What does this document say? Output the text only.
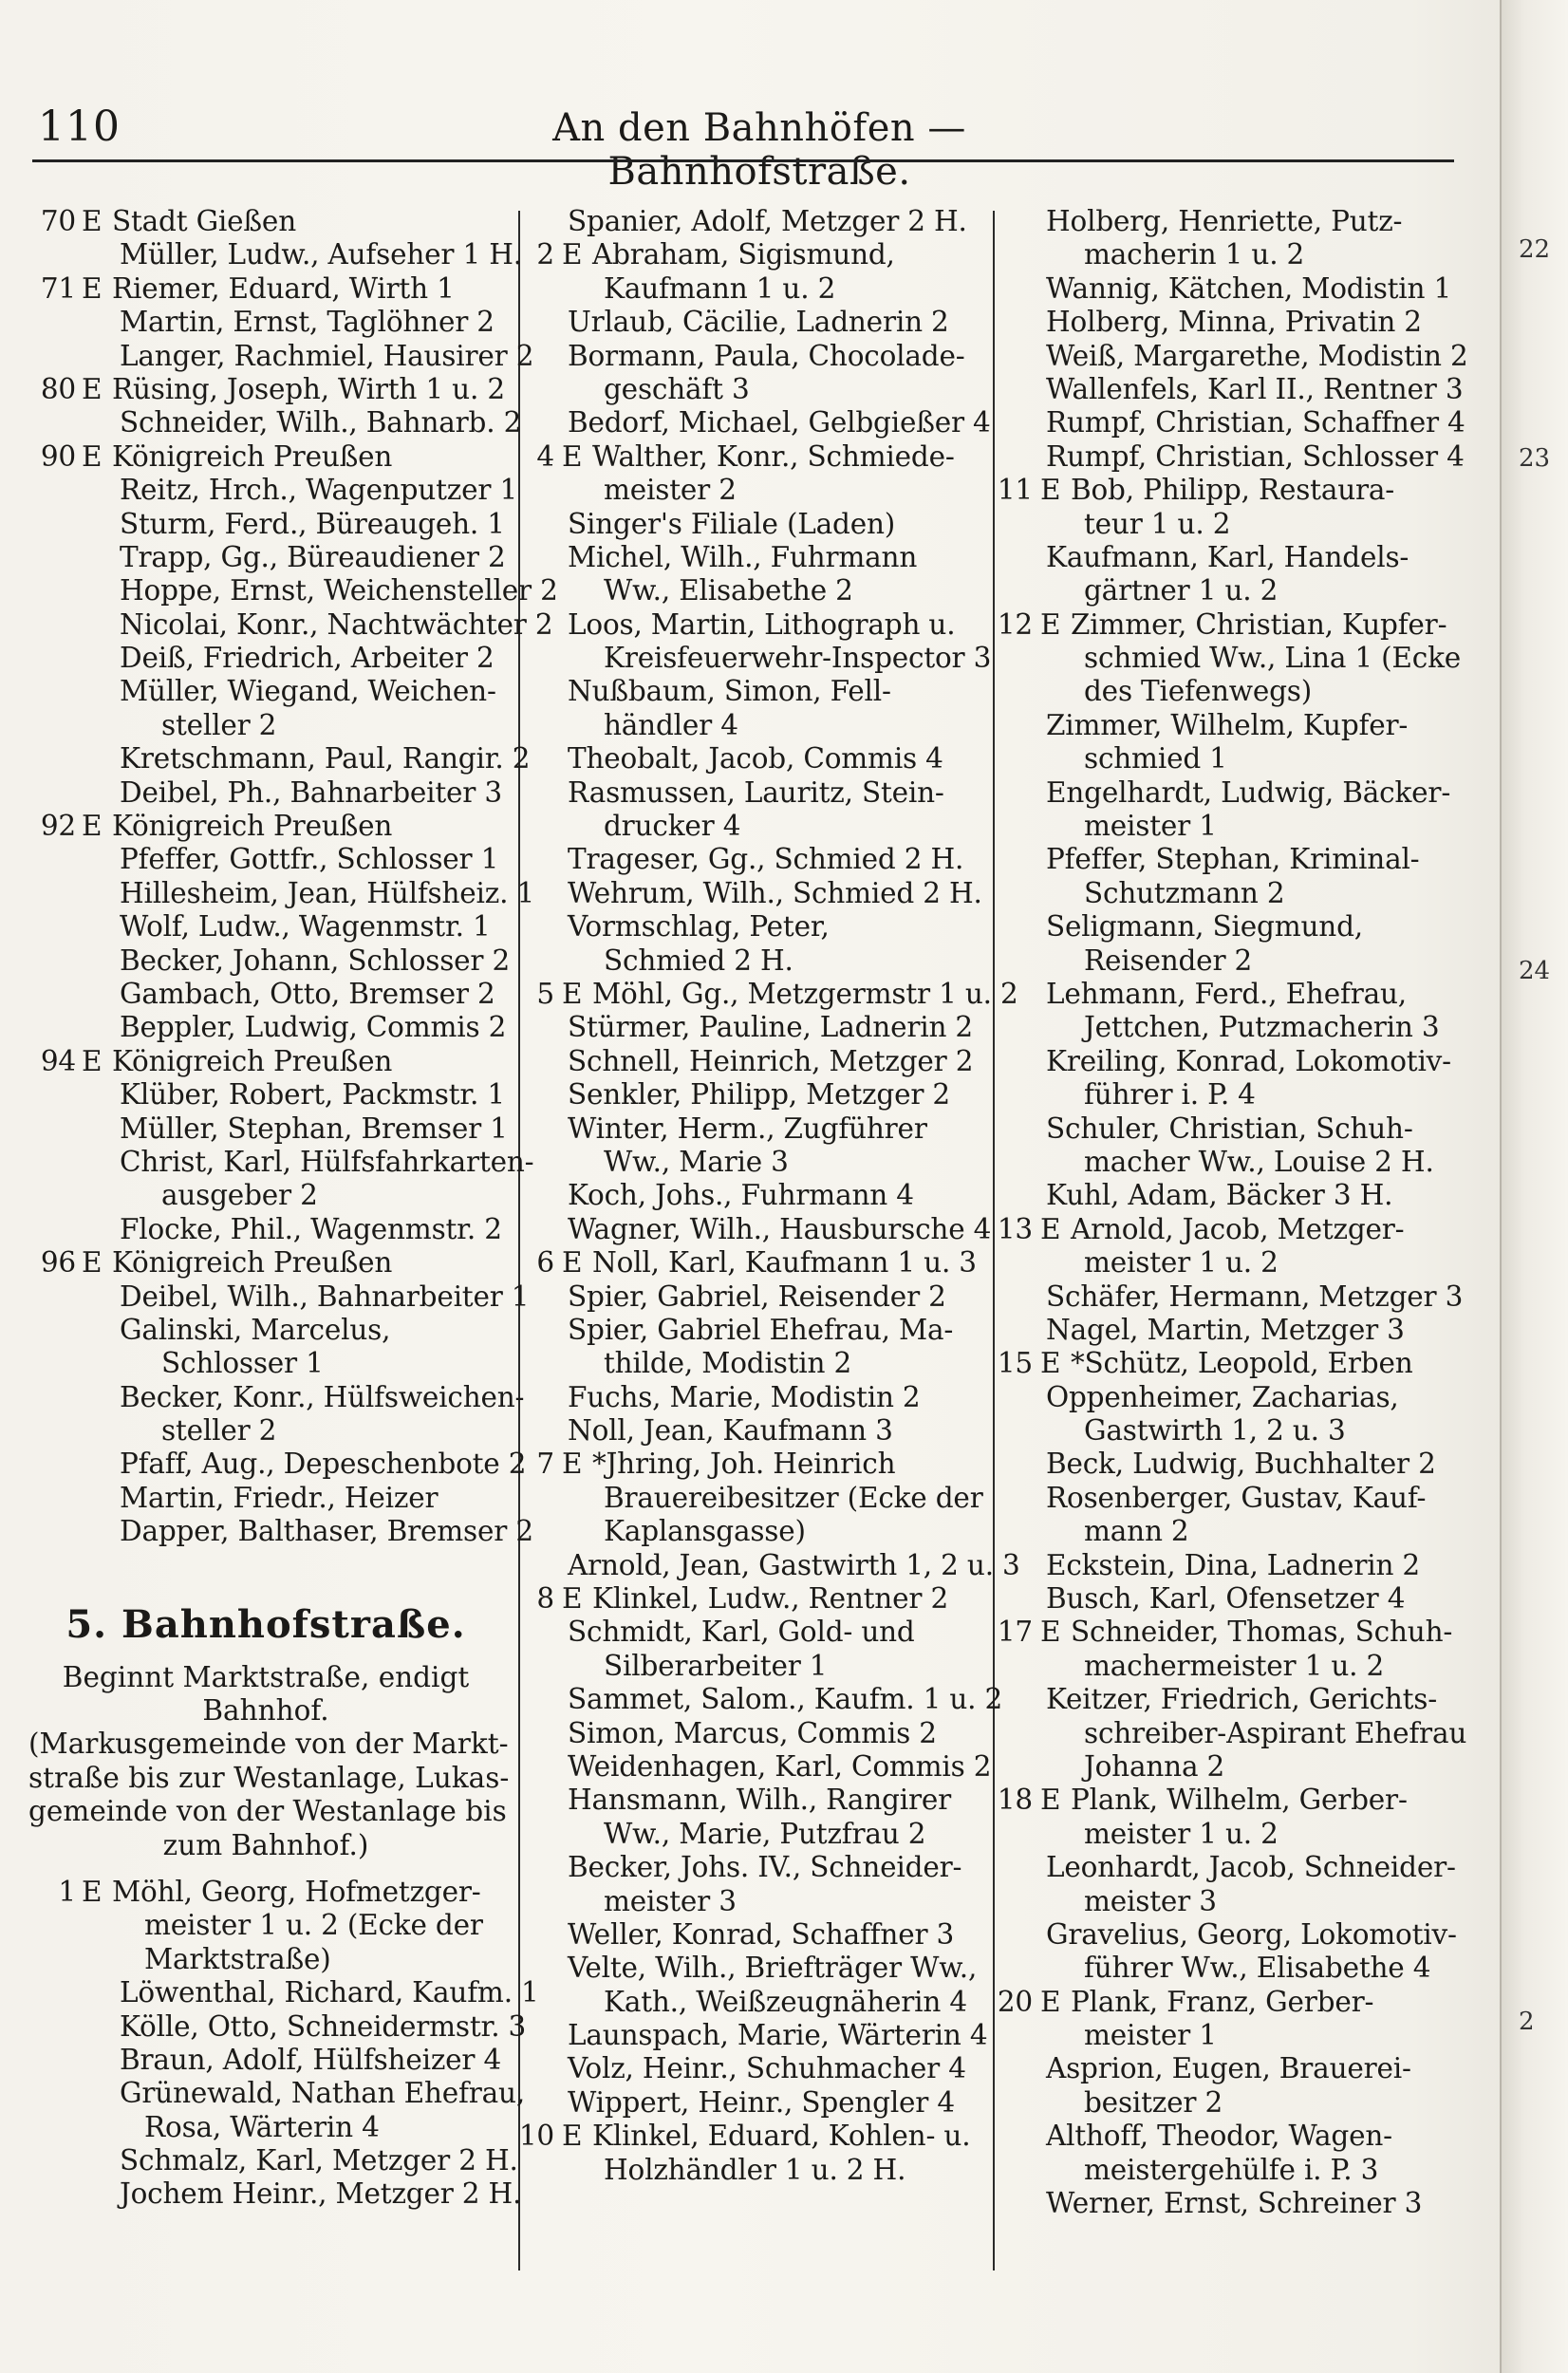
22
23
24
2
110	An den Bahnhöfen — Bahnhofstraße.
70 E Stadt Gießen
Müller, Ludw., Aufseher 1 H.
71 E Riemer, Eduard, Wirth 1
Martin, Ernst, Taglöhner 2
Langer, Rachmiel, Hausirer 2
80 E Rüsing, Joseph, Wirth 1 u. 2
Schneider, Wilh., Bahnarb. 2
90 E Königreich Preußen
Reitz, Hrch., Wagenputzer 1
Sturm, Ferd., Büreaugeh. 1
Trapp, Gg., Büreaudiener 2
Hoppe, Ernst, Weichensteller 2
Nicolai, Konr., Nachtwächter 2
Deiß, Friedrich, Arbeiter 2
Müller, Wiegand, Weichen-
steller 2
Kretschmann, Paul, Rangir. 2
Deibel, Ph., Bahnarbeiter 3
92 E Königreich Preußen
Pfeffer, Gottfr., Schlosser 1
Hillesheim, Jean, Hülfsheiz. 1
Wolf, Ludw., Wagenmstr. 1
Becker, Johann, Schlosser 2
Gambach, Otto, Bremser 2
Beppler, Ludwig, Commis 2
94 E Königreich Preußen
Klüber, Robert, Packmstr. 1
Müller, Stephan, Bremser 1
Christ, Karl, Hülfsfahrkarten-
ausgeber 2
Flocke, Phil., Wagenmstr. 2
96 E Königreich Preußen
Deibel, Wilh., Bahnarbeiter 1
Galinski, Marcelus,
Schlosser 1
Becker, Konr., Hülfsweichen-
steller 2
Pfaff, Aug., Depeschenbote 2
Martin, Friedr., Heizer
Dapper, Balthaser, Bremser 2
5. Bahnhofstraße.
Beginnt Marktstraße, endigt
Bahnhof.
(Markusgemeinde von der Markt-
straße bis zur Westanlage, Lukas-
gemeinde von der Westanlage bis
zum Bahnhof.)
1 E Möhl, Georg, Hofmetzger-
meister 1 u. 2 (Ecke der
Marktstraße)
Löwenthal, Richard, Kaufm. 1
Kölle, Otto, Schneidermstr. 3
Braun, Adolf, Hülfsheizer 4
Grünewald, Nathan Ehefrau,
Rosa, Wärterin 4
Schmalz, Karl, Metzger 2 H.
Jochem Heinr., Metzger 2 H.
Spanier, Adolf, Metzger 2 H.
2 E Abraham, Sigismund,
Kaufmann 1 u. 2
Urlaub, Cäcilie, Ladnerin 2
Bormann, Paula, Chocolade-
geschäft 3
Bedorf, Michael, Gelbgießer 4
4 E Walther, Konr., Schmiede-
meister 2
Singer's Filiale (Laden)
Michel, Wilh., Fuhrmann
Ww., Elisabethe 2
Loos, Martin, Lithograph u.
Kreisfeuerwehr-Inspector 3
Nußbaum, Simon, Fell-
händler 4
Theobalt, Jacob, Commis 4
Rasmussen, Lauritz, Stein-
drucker 4
Trageser, Gg., Schmied 2 H.
Wehrum, Wilh., Schmied 2 H.
Vormschlag, Peter,
Schmied 2 H.
5 E Möhl, Gg., Metzgermstr 1 u. 2
Stürmer, Pauline, Ladnerin 2
Schnell, Heinrich, Metzger 2
Senkler, Philipp, Metzger 2
Winter, Herm., Zugführer
Ww., Marie 3
Koch, Johs., Fuhrmann 4
Wagner, Wilh., Hausbursche 4
6 E Noll, Karl, Kaufmann 1 u. 3
Spier, Gabriel, Reisender 2
Spier, Gabriel Ehefrau, Ma-
thilde, Modistin 2
Fuchs, Marie, Modistin 2
Noll, Jean, Kaufmann 3
7 E *Jhring, Joh. Heinrich
Brauereibesitzer (Ecke der
Kaplansgasse)
Arnold, Jean, Gastwirth 1, 2 u. 3
8 E Klinkel, Ludw., Rentner 2
Schmidt, Karl, Gold- und
Silberarbeiter 1
Sammet, Salom., Kaufm. 1 u. 2
Simon, Marcus, Commis 2
Weidenhagen, Karl, Commis 2
Hansmann, Wilh., Rangirer
Ww., Marie, Putzfrau 2
Becker, Johs. IV., Schneider-
meister 3
Weller, Konrad, Schaffner 3
Velte, Wilh., Briefträger Ww.,
Kath., Weißzeugnäherin 4
Launspach, Marie, Wärterin 4
Volz, Heinr., Schuhmacher 4
Wippert, Heinr., Spengler 4
10 E Klinkel, Eduard, Kohlen- u.
Holzhändler 1 u. 2 H.
Holberg, Henriette, Putz-
macherin 1 u. 2
Wannig, Kätchen, Modistin 1
Holberg, Minna, Privatin 2
Weiß, Margarethe, Modistin 2
Wallenfels, Karl II., Rentner 3
Rumpf, Christian, Schaffner 4
Rumpf, Christian, Schlosser 4
11 E Bob, Philipp, Restaura-
teur 1 u. 2
Kaufmann, Karl, Handels-
gärtner 1 u. 2
12 E Zimmer, Christian, Kupfer-
schmied Ww., Lina 1 (Ecke
des Tiefenwegs)
Zimmer, Wilhelm, Kupfer-
schmied 1
Engelhardt, Ludwig, Bäcker-
meister 1
Pfeffer, Stephan, Kriminal-
Schutzmann 2
Seligmann, Siegmund,
Reisender 2
Lehmann, Ferd., Ehefrau,
Jettchen, Putzmacherin 3
Kreiling, Konrad, Lokomotiv-
führer i. P. 4
Schuler, Christian, Schuh-
macher Ww., Louise 2 H.
Kuhl, Adam, Bäcker 3 H.
13 E Arnold, Jacob, Metzger-
meister 1 u. 2
Schäfer, Hermann, Metzger 3
Nagel, Martin, Metzger 3
15 E *Schütz, Leopold, Erben
Oppenheimer, Zacharias,
Gastwirth 1, 2 u. 3
Beck, Ludwig, Buchhalter 2
Rosenberger, Gustav, Kauf-
mann 2
Eckstein, Dina, Ladnerin 2
Busch, Karl, Ofensetzer 4
17 E Schneider, Thomas, Schuh-
machermeister 1 u. 2
Keitzer, Friedrich, Gerichts-
schreiber-Aspirant Ehefrau
Johanna 2
18 E Plank, Wilhelm, Gerber-
meister 1 u. 2
Leonhardt, Jacob, Schneider-
meister 3
Gravelius, Georg, Lokomotiv-
führer Ww., Elisabethe 4
20 E Plank, Franz, Gerber-
meister 1
Asprion, Eugen, Brauerei-
besitzer 2
Althoff, Theodor, Wagen-
meistergehülfe i. P. 3
Werner, Ernst, Schreiner 3
